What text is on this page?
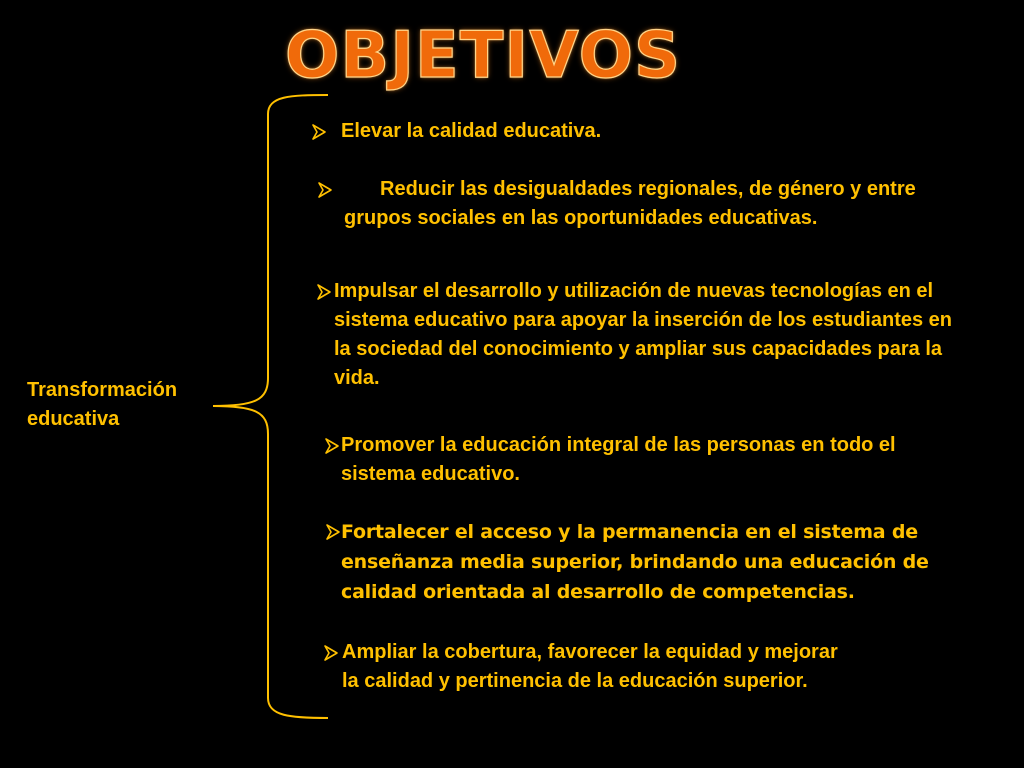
OBJETIVOS

Transformación educativa

Elevar la calidad educativa.
Reducir las desigualdades regionales, de género y entre grupos sociales en las oportunidades educativas.
Impulsar el desarrollo y utilización de nuevas tecnologías en el sistema educativo para apoyar la inserción de los estudiantes en la sociedad del conocimiento y ampliar sus capacidades para la vida.
Promover la educación integral de las personas en todo el sistema educativo.
Fortalecer el acceso y la permanencia en el sistema de enseñanza media superior, brindando una educación de calidad orientada al desarrollo de competencias.
Ampliar la cobertura, favorecer la equidad y mejorar la calidad y pertinencia de la educación superior.
